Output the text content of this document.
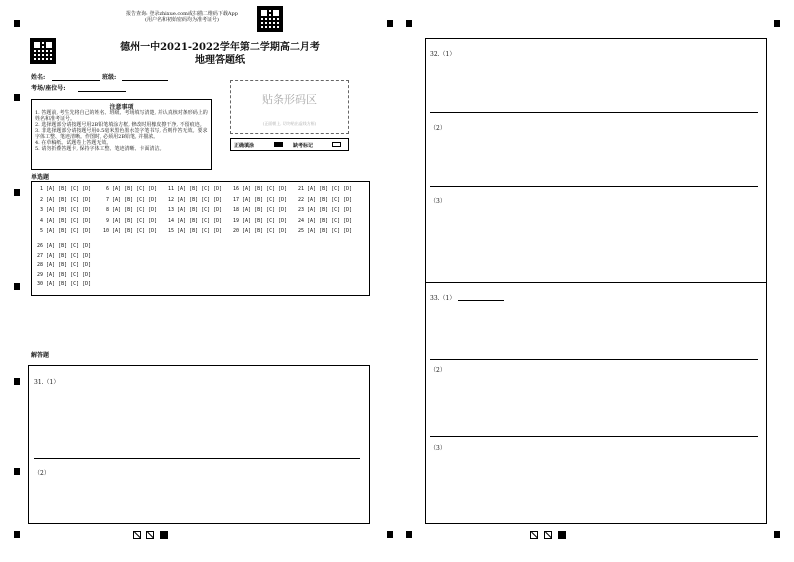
报告查询: 登录zhixue.com或扫描二维码下载App
(用户名和初始密码均为准考证号)
德州一中2021-2022学年第二学期高二月考
地理答题纸
姓名:	班级:
考场/座位号:
注意事项
1. 答题前, 考生先将自己的姓名、班级、考场填写清楚, 并认真核对条形码上的姓名和准考证号。
2. 选择题部分请按题号用2B铅笔填涂方框, 修改时用橡皮擦干净, 不留痕迹。
3. 非选择题部分请按题号用0.5毫米黑色墨水签字笔书写, 否则作答无效。要求字体工整、笔迹清晰。作图时, 必须用2B铅笔, 并描浓。
4. 在草稿纸、试题卷上答题无效。
5. 请勿折叠答题卡, 保持字体工整、笔迹清晰、卡面清洁。
贴条形码区
(正面朝上, 切勿贴出虚线方框)
正确填涂	缺考标记
单选题
1 [A] [B] [C] [D]
2 [A] [B] [C] [D]
3 [A] [B] [C] [D]
4 [A] [B] [C] [D]
5 [A] [B] [C] [D]
6 [A] [B] [C] [D]
7 [A] [B] [C] [D]
8 [A] [B] [C] [D]
9 [A] [B] [C] [D]
10 [A] [B] [C] [D]
11 [A] [B] [C] [D]
12 [A] [B] [C] [D]
13 [A] [B] [C] [D]
14 [A] [B] [C] [D]
15 [A] [B] [C] [D]
16 [A] [B] [C] [D]
17 [A] [B] [C] [D]
18 [A] [B] [C] [D]
19 [A] [B] [C] [D]
20 [A] [B] [C] [D]
21 [A] [B] [C] [D]
22 [A] [B] [C] [D]
23 [A] [B] [C] [D]
24 [A] [B] [C] [D]
25 [A] [B] [C] [D]
26 [A] [B] [C] [D]
27 [A] [B] [C] [D]
28 [A] [B] [C] [D]
29 [A] [B] [C] [D]
30 [A] [B] [C] [D]
解答题
31.（1）
（2）
32.（1）
（2）
（3）
33.（1）
（2）
（3）
